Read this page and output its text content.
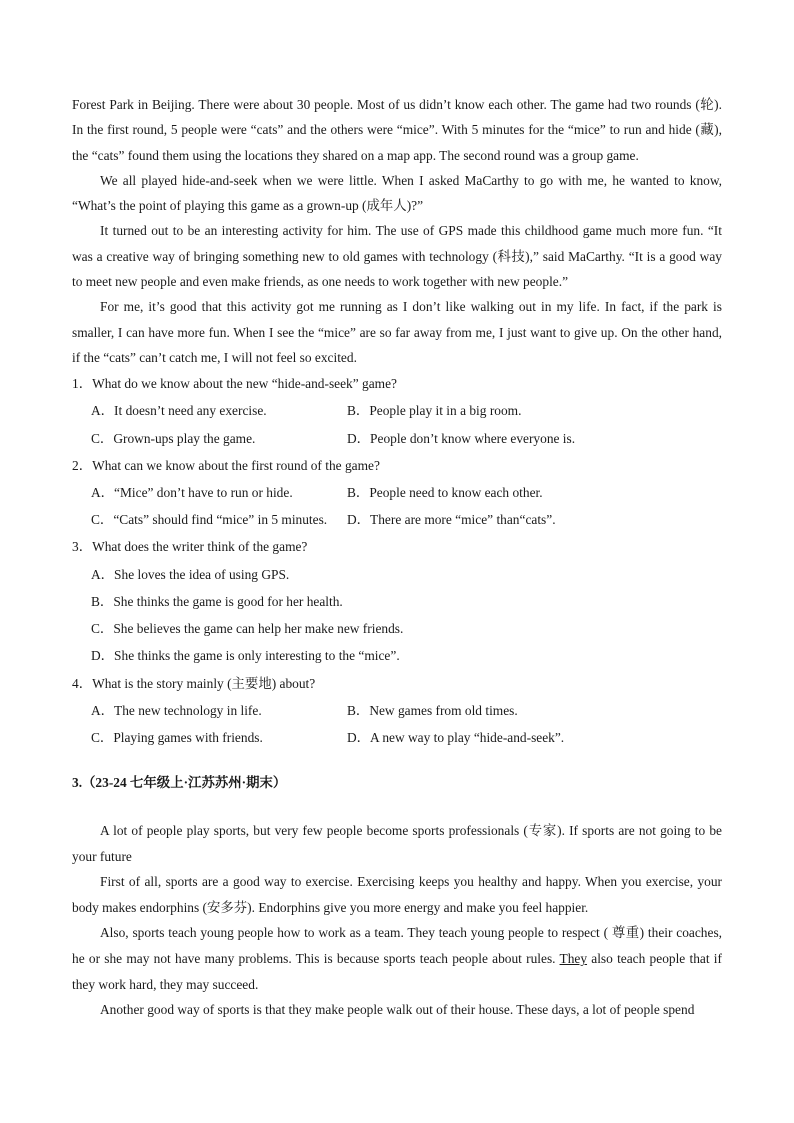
Forest Park in Beijing. There were about 30 people. Most of us didn’t know each other. The game had two rounds (轮). In the first round, 5 people were “cats” and the others were “mice”. With 5 minutes for the “mice” to run and hide (藏), the “cats” found them using the locations they shared on a map app. The second round was a group game.

We all played hide-and-seek when we were little. When I asked MaCarthy to go with me, he wanted to know, “What’s the point of playing this game as a grown-up (成年人)?”

It turned out to be an interesting activity for him. The use of GPS made this childhood game much more fun. “It was a creative way of bringing something new to old games with technology (科技),” said MaCarthy. “It is a good way to meet new people and even make friends, as one needs to work together with new people.”

For me, it’s good that this activity got me running as I don’t like walking out in my life. In fact, if the park is smaller, I can have more fun. When I see the “mice” are so far away from me, I just want to give up. On the other hand, if the “cats” can’t catch me, I will not feel so excited.

1．What do we know about the new “hide-and-seek” game?

A．It doesn’t need any exercise.	B．People play it in a big room.
C．Grown-ups play the game.	D．People don’t know where everyone is.

2．What can we know about the first round of the game?

A．“Mice” don’t have to run or hide.	B．People need to know each other.
C．“Cats” should find “mice” in 5 minutes.	D．There are more “mice” than“cats”.

3．What does the writer think of the game?

A．She loves the idea of using GPS.
B．She thinks the game is good for her health.
C．She believes the game can help her make new friends.
D．She thinks the game is only interesting to the “mice”.

4．What is the story mainly (主要地) about?

A．The new technology in life.	B．New games from old times.
C．Playing games with friends.	D．A new way to play “hide-and-seek”.
3.（23-24 七年级上·江苏苏州·期末）

A lot of people play sports, but very few people become sports professionals (专家). If sports are not going to be your future

First of all, sports are a good way to exercise. Exercising keeps you healthy and happy. When you exercise, your body makes endorphins (安多芬). Endorphins give you more energy and make you feel happier.

Also, sports teach young people how to work as a team. They teach young people to respect ( 尊重) their coaches, he or she may not have many problems. This is because sports teach people about rules. They also teach people that if they work hard, they may succeed.

Another good way of sports is that they make people walk out of their house. These days, a lot of people spend
